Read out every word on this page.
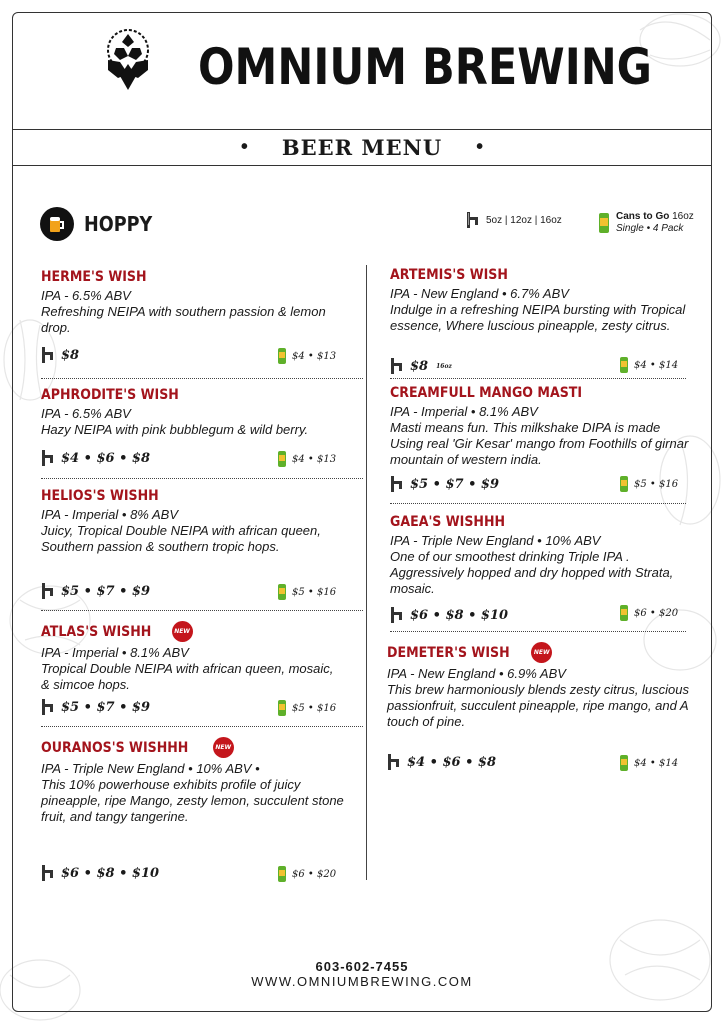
OMNIUM BREWING
• BEER MENU •
HOPPY	5oz | 12oz | 16oz	Cans to Go 16oz
Single • 4 Pack
HERME'S WISH
IPA - 6.5% ABV
Refreshing NEIPA with southern passion & lemon drop.
$8	$4 • $13
APHRODITE'S WISH
IPA - 6.5% ABV
Hazy NEIPA with pink bubblegum & wild berry.
$4 • $6 • $8	$4 • $13
HELIOS'S WISHH
IPA - Imperial • 8% ABV
Juicy, Tropical Double NEIPA with african queen, Southern passion & southern tropic hops.
$5 • $7 • $9	$5 • $16
ATLAS'S WISHH	NEW
IPA - Imperial • 8.1% ABV
Tropical Double NEIPA with african queen, mosaic, & simcoe hops.
$5 • $7 • $9	$5 • $16
OURANOS'S WISHHH	NEW
IPA - Triple New England • 10% ABV •
This 10% powerhouse exhibits profile of juicy pineapple, ripe Mango, zesty lemon, succulent stone fruit, and tangy tangerine.
$6 • $8 • $10	$6 • $20
ARTEMIS'S WISH
IPA - New England • 6.7% ABV
Indulge in a refreshing NEIPA bursting with Tropical essence, Where luscious pineapple, zesty citrus.
$8 16oz	$4 • $14
CREAMFULL MANGO MASTI
IPA - Imperial • 8.1% ABV
Masti means fun. This milkshake DIPA is made Using real 'Gir Kesar' mango from Foothills of girnar mountain of western india.
$5 • $7 • $9	$5 • $16
GAEA'S WISHHH
IPA - Triple New England • 10% ABV
One of our smoothest drinking Triple IPA . Aggressively hopped and dry hopped with Strata, mosaic.
$6 • $8 • $10	$6 • $20
DEMETER'S WISH	NEW
IPA - New England • 6.9% ABV
This brew harmoniously blends zesty citrus, luscious passionfruit, succulent pineapple, ripe mango, and A touch of pine.
$4 • $6 • $8	$4 • $14
603-602-7455
WWW.OMNIUMBREWING.COM
